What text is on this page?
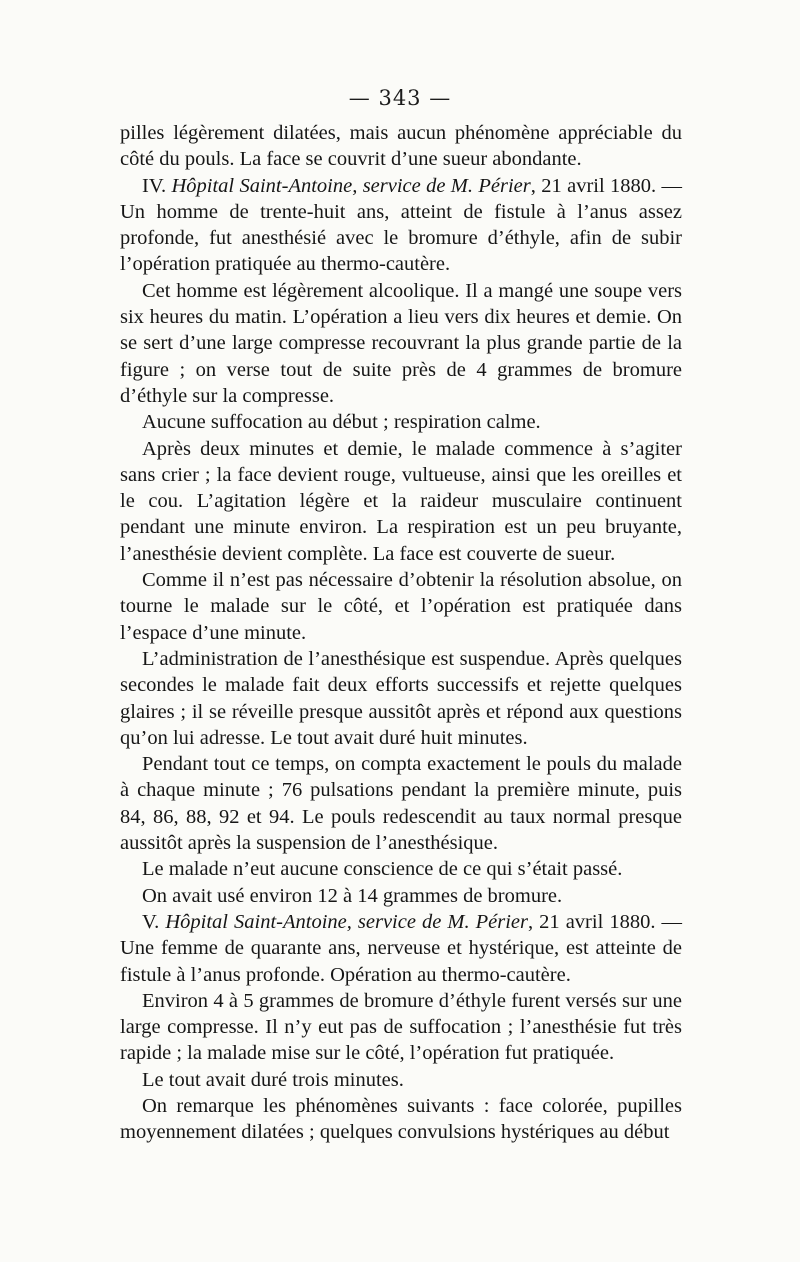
— 343 —

pilles légèrement dilatées, mais aucun phénomène appréciable du côté du pouls. La face se couvrit d’une sueur abondante.

IV. Hôpital Saint-Antoine, service de M. Périer, 21 avril 1880. — Un homme de trente-huit ans, atteint de fistule à l’anus assez profonde, fut anesthésié avec le bromure d’éthyle, afin de subir l’opération pratiquée au thermo-cautère.

Cet homme est légèrement alcoolique. Il a mangé une soupe vers six heures du matin. L’opération a lieu vers dix heures et demie. On se sert d’une large compresse recouvrant la plus grande partie de la figure ; on verse tout de suite près de 4 grammes de bromure d’éthyle sur la compresse.

Aucune suffocation au début ; respiration calme.

Après deux minutes et demie, le malade commence à s’agiter sans crier ; la face devient rouge, vultueuse, ainsi que les oreilles et le cou. L’agitation légère et la raideur musculaire continuent pendant une minute environ. La respiration est un peu bruyante, l’anesthésie devient complète. La face est couverte de sueur.

Comme il n’est pas nécessaire d’obtenir la résolution absolue, on tourne le malade sur le côté, et l’opération est pratiquée dans l’espace d’une minute.

L’administration de l’anesthésique est suspendue. Après quelques secondes le malade fait deux efforts successifs et rejette quelques glaires ; il se réveille presque aussitôt après et répond aux questions qu’on lui adresse. Le tout avait duré huit minutes.

Pendant tout ce temps, on compta exactement le pouls du malade à chaque minute ; 76 pulsations pendant la première minute, puis 84, 86, 88, 92 et 94. Le pouls redescendit au taux normal presque aussitôt après la suspension de l’anesthésique.

Le malade n’eut aucune conscience de ce qui s’était passé.

On avait usé environ 12 à 14 grammes de bromure.

V. Hôpital Saint-Antoine, service de M. Périer, 21 avril 1880. — Une femme de quarante ans, nerveuse et hystérique, est atteinte de fistule à l’anus profonde. Opération au thermo-cautère.

Environ 4 à 5 grammes de bromure d’éthyle furent versés sur une large compresse. Il n’y eut pas de suffocation ; l’anesthésie fut très rapide ; la malade mise sur le côté, l’opération fut pratiquée.

Le tout avait duré trois minutes.

On remarque les phénomènes suivants : face colorée, pupilles moyennement dilatées ; quelques convulsions hystériques au début
